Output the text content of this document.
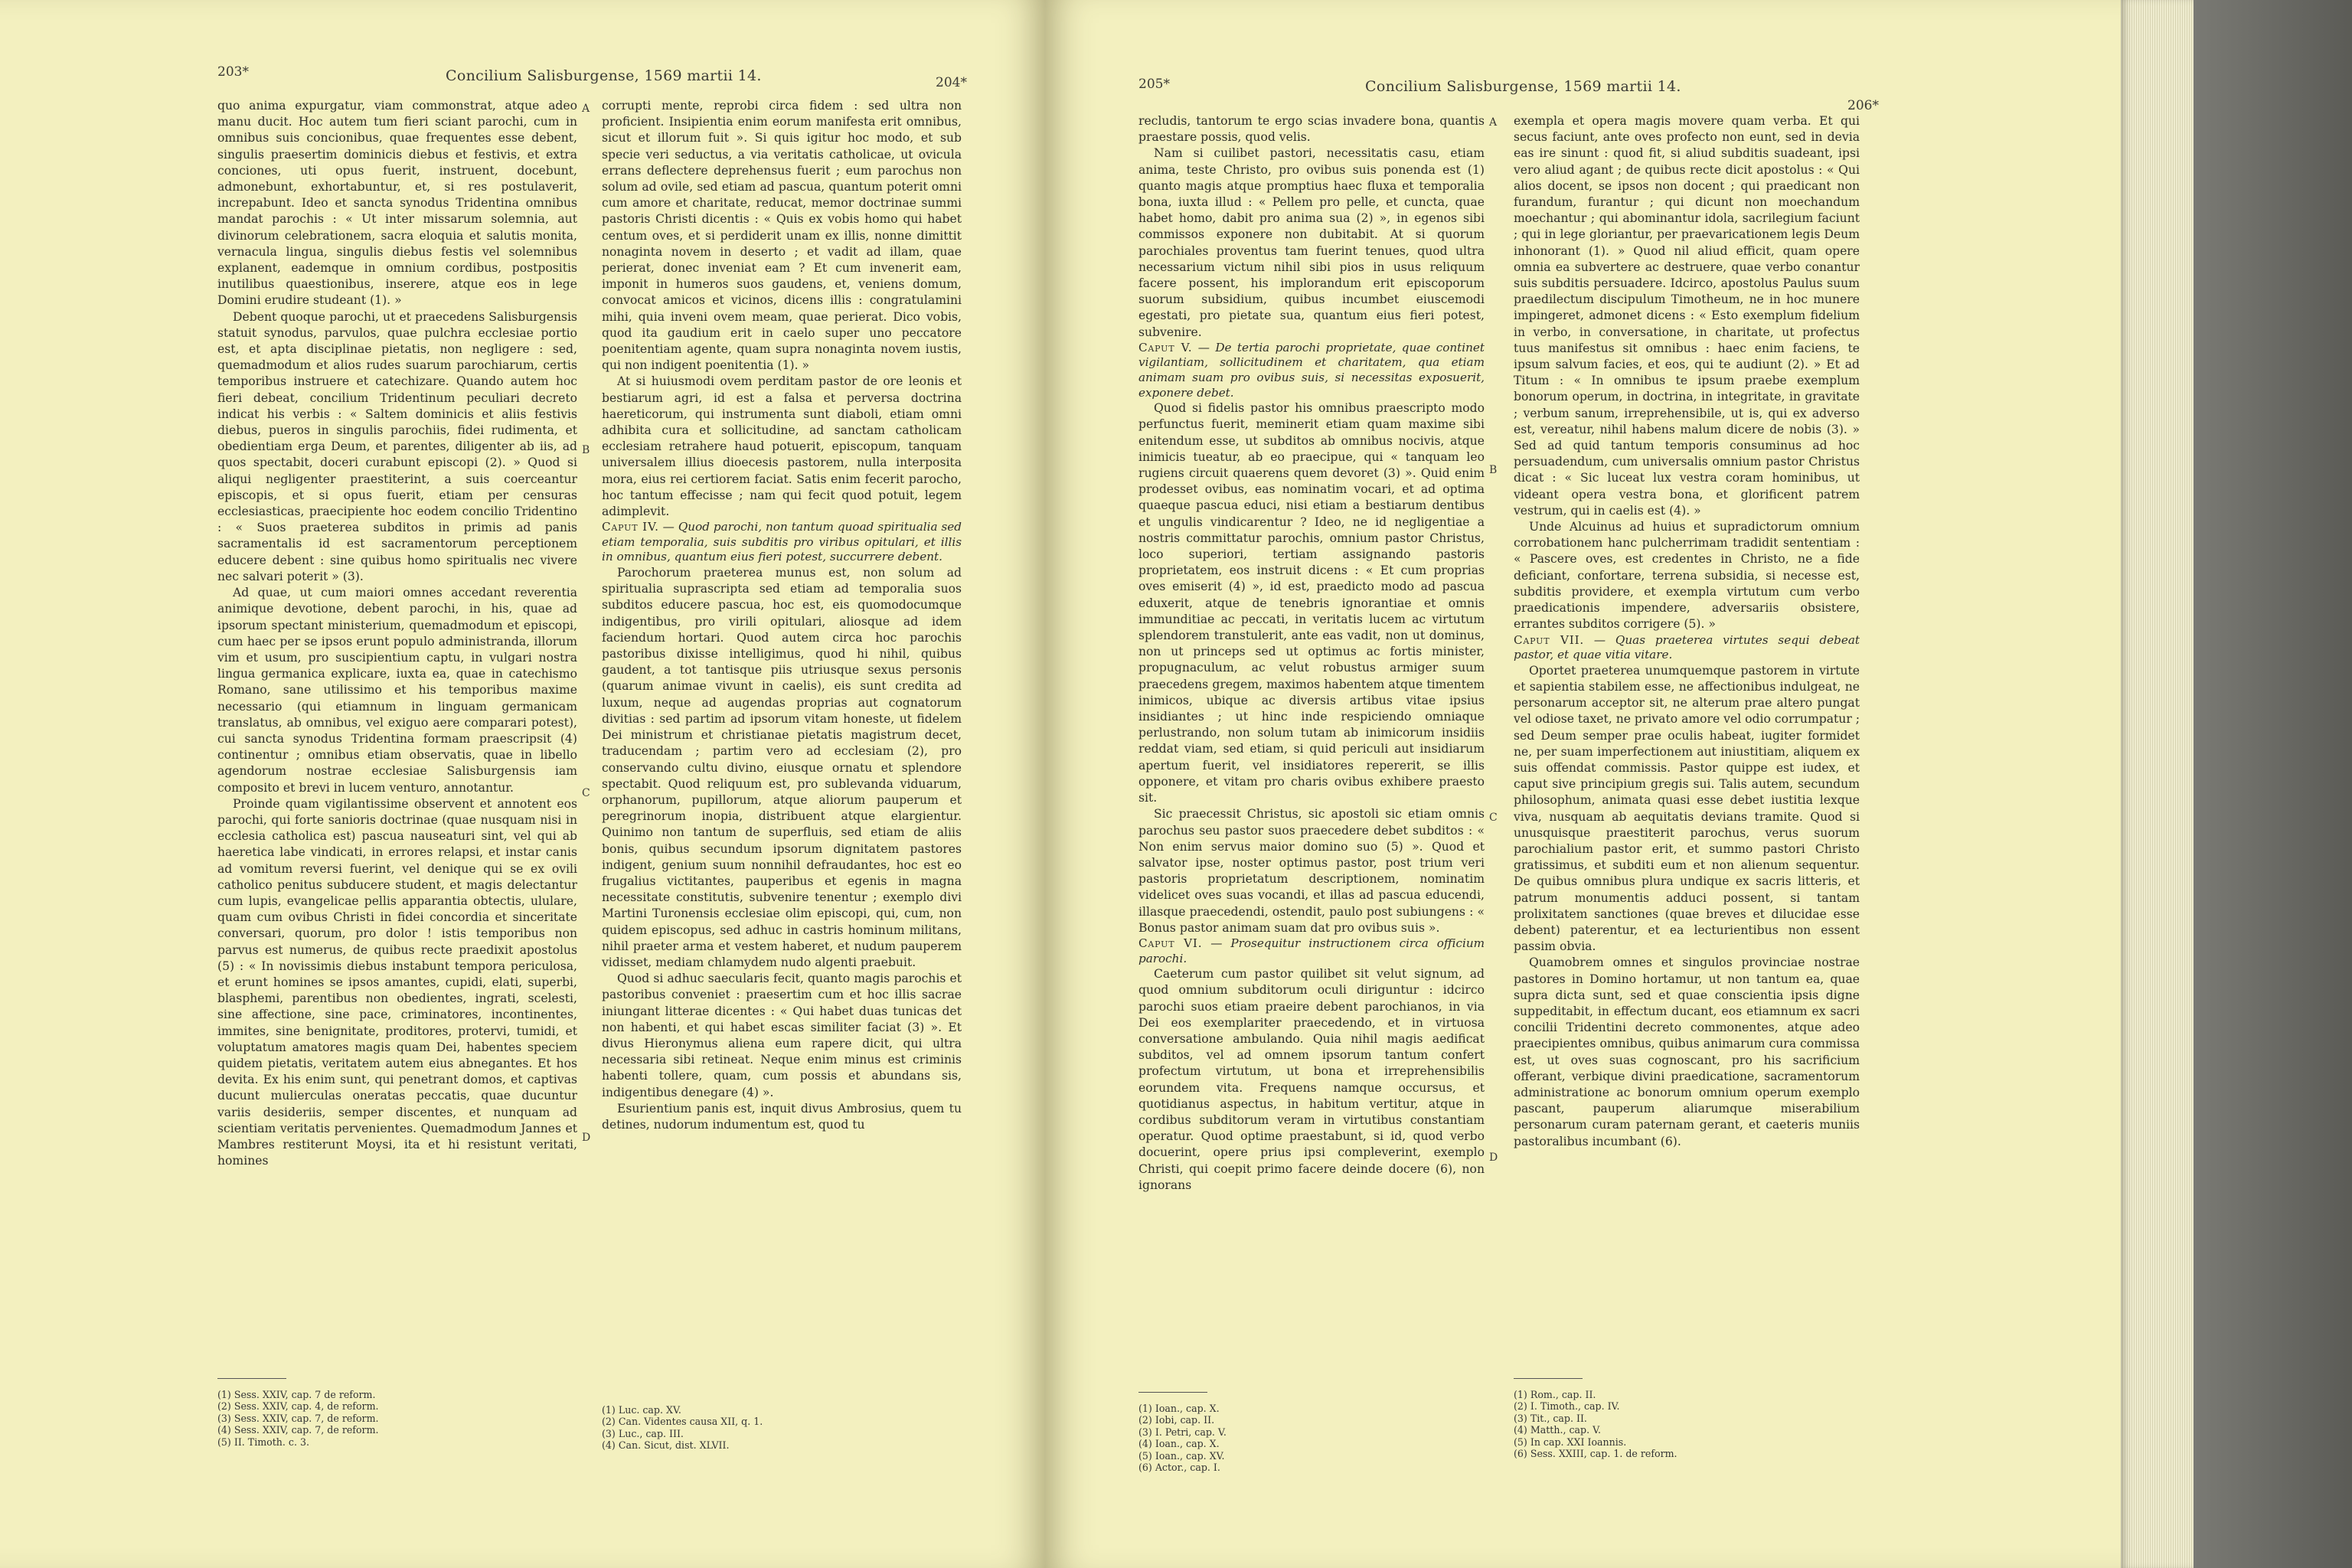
203*	Concilium Salisburgense, 1569 martii 14.	204*

quo anima expurgatur, viam commonstrat, atque adeo manu ducit. Hoc autem tum fieri sciant parochi, cum in omnibus suis concionibus, quae frequentes esse debent, singulis praesertim dominicis diebus et festivis, et extra conciones, uti opus fuerit, instruent, docebunt, admonebunt, exhortabuntur, et, si res postulaverit, increpabunt. Ideo et sancta synodus Tridentina omnibus mandat parochis : « Ut inter missarum solemnia, aut divinorum celebrationem, sacra eloquia et salutis monita, vernacula lingua, singulis diebus festis vel solemnibus explanent, eademque in omnium cordibus, postpositis inutilibus quaestionibus, inserere, atque eos in lege Domini erudire studeant (1). »

Debent quoque parochi, ut et praecedens Salisburgensis statuit synodus, parvulos, quae pulchra ecclesiae portio est, et apta disciplinae pietatis, non negligere : sed, quemadmodum et alios rudes suarum parochiarum, certis temporibus instruere et catechizare. Quando autem hoc fieri debeat, concilium Tridentinum peculiari decreto indicat his verbis : « Saltem dominicis et aliis festivis diebus, pueros in singulis parochiis, fidei rudimenta, et obedientiam erga Deum, et parentes, diligenter ab iis, ad quos spectabit, doceri curabunt episcopi (2). » Quod si aliqui negligenter praestiterint, a suis coerceantur episcopis, et si opus fuerit, etiam per censuras ecclesiasticas, praecipiente hoc eodem concilio Tridentino : « Suos praeterea subditos in primis ad panis sacramentalis id est sacramentorum perceptionem educere debent : sine quibus homo spiritualis nec vivere nec salvari poterit » (3).

Ad quae, ut cum maiori omnes accedant reverentia animique devotione, debent parochi, in his, quae ad ipsorum spectant ministerium, quemadmodum et episcopi, cum haec per se ipsos erunt populo administranda, illorum vim et usum, pro suscipientium captu, in vulgari nostra lingua germanica explicare, iuxta ea, quae in catechismo Romano, sane utilissimo et his temporibus maxime necessario (qui etiamnum in linguam germanicam translatus, ab omnibus, vel exiguo aere comparari potest), cui sancta synodus Tridentina formam praescripsit (4) continentur ; omnibus etiam observatis, quae in libello agendorum nostrae ecclesiae Salisburgensis iam composito et brevi in lucem venturo, annotantur.

Proinde quam vigilantissime observent et annotent eos parochi, qui forte sanioris doctrinae (quae nusquam nisi in ecclesia catholica est) pascua nauseaturi sint, vel qui ab haeretica labe vindicati, in errores relapsi, et instar canis ad vomitum reversi fuerint, vel denique qui se ex ovili catholico penitus subducere student, et magis delectantur cum lupis, evangelicae pellis apparantia obtectis, ululare, quam cum ovibus Christi in fidei concordia et sinceritate conversari, quorum, pro dolor ! istis temporibus non parvus est numerus, de quibus recte praedixit apostolus (5) : « In novissimis diebus instabunt tempora periculosa, et erunt homines se ipsos amantes, cupidi, elati, superbi, blasphemi, parentibus non obedientes, ingrati, scelesti, sine affectione, sine pace, criminatores, incontinentes, immites, sine benignitate, proditores, protervi, tumidi, et voluptatum amatores magis quam Dei, habentes speciem quidem pietatis, veritatem autem eius abnegantes. Et hos devita. Ex his enim sunt, qui penetrant domos, et captivas ducunt mulierculas oneratas peccatis, quae ducuntur variis desideriis, semper discentes, et nunquam ad scientiam veritatis pervenientes. Quemadmodum Jannes et Mambres restiterunt Moysi, ita et hi resistunt veritati, homines

corrupti mente, reprobi circa fidem : sed ultra non proficient. Insipientia enim eorum manifesta erit omnibus, sicut et illorum fuit ». Si quis igitur hoc modo, et sub specie veri seductus, a via veritatis catholicae, ut ovicula errans deflectere deprehensus fuerit ; eum parochus non solum ad ovile, sed etiam ad pascua, quantum poterit omni cum amore et charitate, reducat, memor doctrinae summi pastoris Christi dicentis : « Quis ex vobis homo qui habet centum oves, et si perdiderit unam ex illis, nonne dimittit nonaginta novem in deserto ; et vadit ad illam, quae perierat, donec inveniat eam ? Et cum invenerit eam, imponit in humeros suos gaudens, et, veniens domum, convocat amicos et vicinos, dicens illis : congratulamini mihi, quia inveni ovem meam, quae perierat. Dico vobis, quod ita gaudium erit in caelo super uno peccatore poenitentiam agente, quam supra nonaginta novem iustis, qui non indigent poenitentia (1). »

At si huiusmodi ovem perditam pastor de ore leonis et bestiarum agri, id est a falsa et perversa doctrina haereticorum, qui instrumenta sunt diaboli, etiam omni adhibita cura et sollicitudine, ad sanctam catholicam ecclesiam retrahere haud potuerit, episcopum, tanquam universalem illius dioecesis pastorem, nulla interposita mora, eius rei certiorem faciat. Satis enim fecerit parocho, hoc tantum effecisse ; nam qui fecit quod potuit, legem adimplevit.

Caput IV. — Quod parochi, non tantum quoad spiritualia sed etiam temporalia, suis subditis pro viribus opitulari, et illis in omnibus, quantum eius fieri potest, succurrere debent.

Parochorum praeterea munus est, non solum ad spiritualia suprascripta sed etiam ad temporalia suos subditos educere pascua, hoc est, eis quomodocumque indigentibus, pro virili opitulari, aliosque ad idem faciendum hortari. Quod autem circa hoc parochis pastoribus dixisse intelligimus, quod hi nihil, quibus gaudent, a tot tantisque piis utriusque sexus personis (quarum animae vivunt in caelis), eis sunt credita ad luxum, neque ad augendas proprias aut cognatorum divitias : sed partim ad ipsorum vitam honeste, ut fidelem Dei ministrum et christianae pietatis magistrum decet, traducendam ; partim vero ad ecclesiam (2), pro conservando cultu divino, eiusque ornatu et splendore spectabit. Quod reliquum est, pro sublevanda viduarum, orphanorum, pupillorum, atque aliorum pauperum et peregrinorum inopia, distribuent atque elargientur. Quinimo non tantum de superfluis, sed etiam de aliis bonis, quibus secundum ipsorum dignitatem pastores indigent, genium suum nonnihil defraudantes, hoc est eo frugalius victitantes, pauperibus et egenis in magna necessitate constitutis, subvenire tenentur ; exemplo divi Martini Turonensis ecclesiae olim episcopi, qui, cum, non quidem episcopus, sed adhuc in castris hominum militans, nihil praeter arma et vestem haberet, et nudum pauperem vidisset, mediam chlamydem nudo algenti praebuit.

Quod si adhuc saecularis fecit, quanto magis parochis et pastoribus conveniet : praesertim cum et hoc illis sacrae iniungant litterae dicentes : « Qui habet duas tunicas det non habenti, et qui habet escas similiter faciat (3) ». Et divus Hieronymus aliena eum rapere dicit, qui ultra necessaria sibi retineat. Neque enim minus est criminis habenti tollere, quam, cum possis et abundans sis, indigentibus denegare (4) ».

Esurientium panis est, inquit divus Ambrosius, quem tu detines, nudorum indumentum est, quod tu

A
B
C
D
(1) Sess. XXIV, cap. 7 de reform.
(2) Sess. XXIV, cap. 4, de reform.
(3) Sess. XXIV, cap. 7, de reform.
(4) Sess. XXIV, cap. 7, de reform.
(5) II. Timoth. c. 3.
(1) Luc. cap. XV.
(2) Can. Videntes causa XII, q. 1.
(3) Luc., cap. III.
(4) Can. Sicut, dist. XLVII.
205*	Concilium Salisburgense, 1569 martii 14.
206*

recludis, tantorum te ergo scias invadere bona, quantis praestare possis, quod velis.

Nam si cuilibet pastori, necessitatis casu, etiam anima, teste Christo, pro ovibus suis ponenda est (1) quanto magis atque promptius haec fluxa et temporalia bona, iuxta illud : « Pellem pro pelle, et cuncta, quae habet homo, dabit pro anima sua (2) », in egenos sibi commissos exponere non dubitabit. At si quorum parochiales proventus tam fuerint tenues, quod ultra necessarium victum nihil sibi pios in usus reliquum facere possent, his implorandum erit episcoporum suorum subsidium, quibus incumbet eiuscemodi egestati, pro pietate sua, quantum eius fieri potest, subvenire.

Caput V. — De tertia parochi proprietate, quae continet vigilantiam, sollicitudinem et charitatem, qua etiam animam suam pro ovibus suis, si necessitas exposuerit, exponere debet.

Quod si fidelis pastor his omnibus praescripto modo perfunctus fuerit, meminerit etiam quam maxime sibi enitendum esse, ut subditos ab omnibus nocivis, atque inimicis tueatur, ab eo praecipue, qui « tanquam leo rugiens circuit quaerens quem devoret (3) ». Quid enim prodesset ovibus, eas nominatim vocari, et ad optima quaeque pascua educi, nisi etiam a bestiarum dentibus et ungulis vindicarentur ? Ideo, ne id negligentiae a nostris committatur parochis, omnium pastor Christus, loco superiori, tertiam assignando pastoris proprietatem, eos instruit dicens : « Et cum proprias oves emiserit (4) », id est, praedicto modo ad pascua eduxerit, atque de tenebris ignorantiae et omnis immunditiae ac peccati, in veritatis lucem ac virtutum splendorem transtulerit, ante eas vadit, non ut dominus, non ut princeps sed ut optimus ac fortis minister, propugnaculum, ac velut robustus armiger suum praecedens gregem, maximos habentem atque timentem inimicos, ubique ac diversis artibus vitae ipsius insidiantes ; ut hinc inde respiciendo omniaque perlustrando, non solum tutam ab inimicorum insidiis reddat viam, sed etiam, si quid periculi aut insidiarum apertum fuerit, vel insidiatores repererit, se illis opponere, et vitam pro charis ovibus exhibere praesto sit.

Sic praecessit Christus, sic apostoli sic etiam omnis parochus seu pastor suos praecedere debet subditos : « Non enim servus maior domino suo (5) ». Quod et salvator ipse, noster optimus pastor, post trium veri pastoris proprietatum descriptionem, nominatim videlicet oves suas vocandi, et illas ad pascua educendi, illasque praecedendi, ostendit, paulo post subiungens : « Bonus pastor animam suam dat pro ovibus suis ».

Caput VI. — Prosequitur instructionem circa officium parochi.

Caeterum cum pastor quilibet sit velut signum, ad quod omnium subditorum oculi diriguntur : idcirco parochi suos etiam praeire debent parochianos, in via Dei eos exemplariter praecedendo, et in virtuosa conversatione ambulando. Quia nihil magis aedificat subditos, vel ad omnem ipsorum tantum confert profectum virtutum, ut bona et irreprehensibilis eorundem vita. Frequens namque occursus, et quotidianus aspectus, in habitum vertitur, atque in cordibus subditorum veram in virtutibus constantiam operatur. Quod optime praestabunt, si id, quod verbo docuerint, opere prius ipsi compleverint, exemplo Christi, qui coepit primo facere deinde docere (6), non ignorans

exempla et opera magis movere quam verba. Et qui secus faciunt, ante oves profecto non eunt, sed in devia eas ire sinunt : quod fit, si aliud subditis suadeant, ipsi vero aliud agant ; de quibus recte dicit apostolus : « Qui alios docent, se ipsos non docent ; qui praedicant non furandum, furantur ; qui dicunt non moechandum moechantur ; qui abominantur idola, sacrilegium faciunt ; qui in lege gloriantur, per praevaricationem legis Deum inhonorant (1). » Quod nil aliud efficit, quam opere omnia ea subvertere ac destruere, quae verbo conantur suis subditis persuadere. Idcirco, apostolus Paulus suum praedilectum discipulum Timotheum, ne in hoc munere impingeret, admonet dicens : « Esto exemplum fidelium in verbo, in conversatione, in charitate, ut profectus tuus manifestus sit omnibus : haec enim faciens, te ipsum salvum facies, et eos, qui te audiunt (2). » Et ad Titum : « In omnibus te ipsum praebe exemplum bonorum operum, in doctrina, in integritate, in gravitate ; verbum sanum, irreprehensibile, ut is, qui ex adverso est, vereatur, nihil habens malum dicere de nobis (3). » Sed ad quid tantum temporis consuminus ad hoc persuadendum, cum universalis omnium pastor Christus dicat : « Sic luceat lux vestra coram hominibus, ut videant opera vestra bona, et glorificent patrem vestrum, qui in caelis est (4). »

Unde Alcuinus ad huius et supradictorum omnium corrobationem hanc pulcherrimam tradidit sententiam : « Pascere oves, est credentes in Christo, ne a fide deficiant, confortare, terrena subsidia, si necesse est, subditis providere, et exempla virtutum cum verbo praedicationis impendere, adversariis obsistere, errantes subditos corrigere (5). »

Caput VII. — Quas praeterea virtutes sequi debeat pastor, et quae vitia vitare.

Oportet praeterea unumquemque pastorem in virtute et sapientia stabilem esse, ne affectionibus indulgeat, ne personarum acceptor sit, ne alterum prae altero pungat vel odiose taxet, ne privato amore vel odio corrumpatur ; sed Deum semper prae oculis habeat, iugiter formidet ne, per suam imperfectionem aut iniustitiam, aliquem ex suis offendat commissis. Pastor quippe est iudex, et caput sive principium gregis sui. Talis autem, secundum philosophum, animata quasi esse debet iustitia lexque viva, nusquam ab aequitatis devians tramite. Quod si unusquisque praestiterit parochus, verus suorum parochialium pastor erit, et summo pastori Christo gratissimus, et subditi eum et non alienum sequentur. De quibus omnibus plura undique ex sacris litteris, et patrum monumentis adduci possent, si tantam prolixitatem sanctiones (quae breves et dilucidae esse debent) paterentur, et ea lecturientibus non essent passim obvia.

Quamobrem omnes et singulos provinciae nostrae pastores in Domino hortamur, ut non tantum ea, quae supra dicta sunt, sed et quae conscientia ipsis digne suppeditabit, in effectum ducant, eos etiamnum ex sacri concilii Tridentini decreto commonentes, atque adeo praecipientes omnibus, quibus animarum cura commissa est, ut oves suas cognoscant, pro his sacrificium offerant, verbique divini praedicatione, sacramentorum administratione ac bonorum omnium operum exemplo pascant, pauperum aliarumque miserabilium personarum curam paternam gerant, et caeteris muniis pastoralibus incumbant (6).

A
B
C
D
(1) Ioan., cap. X.
(2) Iobi, cap. II.
(3) I. Petri, cap. V.
(4) Ioan., cap. X.
(5) Ioan., cap. XV.
(6) Actor., cap. I.
(1) Rom., cap. II.
(2) I. Timoth., cap. IV.
(3) Tit., cap. II.
(4) Matth., cap. V.
(5) In cap. XXI Ioannis.
(6) Sess. XXIII, cap. 1. de reform.
